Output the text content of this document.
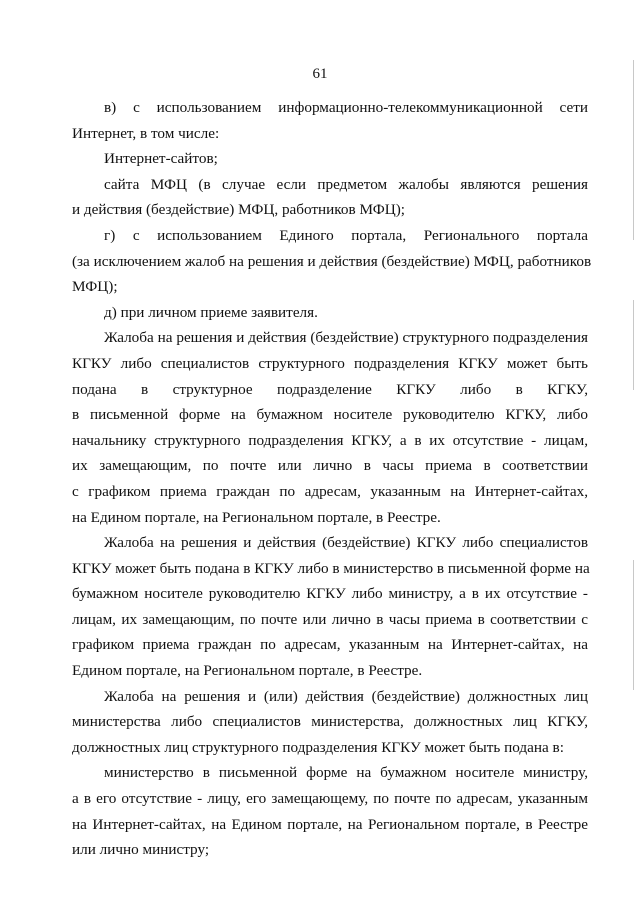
61
в) с использованием информационно-телекоммуникационной сети
Интернет, в том числе:
Интернет-сайтов;
сайта МФЦ (в случае если предметом жалобы являются решения
и действия (бездействие) МФЦ, работников МФЦ);
г) с использованием Единого портала, Регионального портала
(за исключением жалоб на решения и действия (бездействие) МФЦ, работников
МФЦ);
д) при личном приеме заявителя.
Жалоба на решения и действия (бездействие) структурного подразделения
КГКУ либо специалистов структурного подразделения КГКУ может быть
подана в структурное подразделение КГКУ либо в КГКУ,
в письменной форме на бумажном носителе руководителю КГКУ, либо
начальнику структурного подразделения КГКУ, а в их отсутствие - лицам,
их замещающим, по почте или лично в часы приема в соответствии
с графиком приема граждан по адресам, указанным на Интернет-сайтах,
на Едином портале, на Региональном портале, в Реестре.
Жалоба на решения и действия (бездействие) КГКУ либо специалистов
КГКУ может быть подана в КГКУ либо в министерство в письменной форме на
бумажном носителе руководителю КГКУ либо министру, а в их отсутствие -
лицам, их замещающим, по почте или лично в часы приема в соответствии с
графиком приема граждан по адресам, указанным на Интернет-сайтах, на
Едином портале, на Региональном портале, в Реестре.
Жалоба на решения и (или) действия (бездействие) должностных лиц
министерства либо специалистов министерства, должностных лиц КГКУ,
должностных лиц структурного подразделения КГКУ может быть подана в:
министерство в письменной форме на бумажном носителе министру,
а в его отсутствие - лицу, его замещающему, по почте по адресам, указанным
на Интернет-сайтах, на Едином портале, на Региональном портале, в Реестре
или лично министру;
